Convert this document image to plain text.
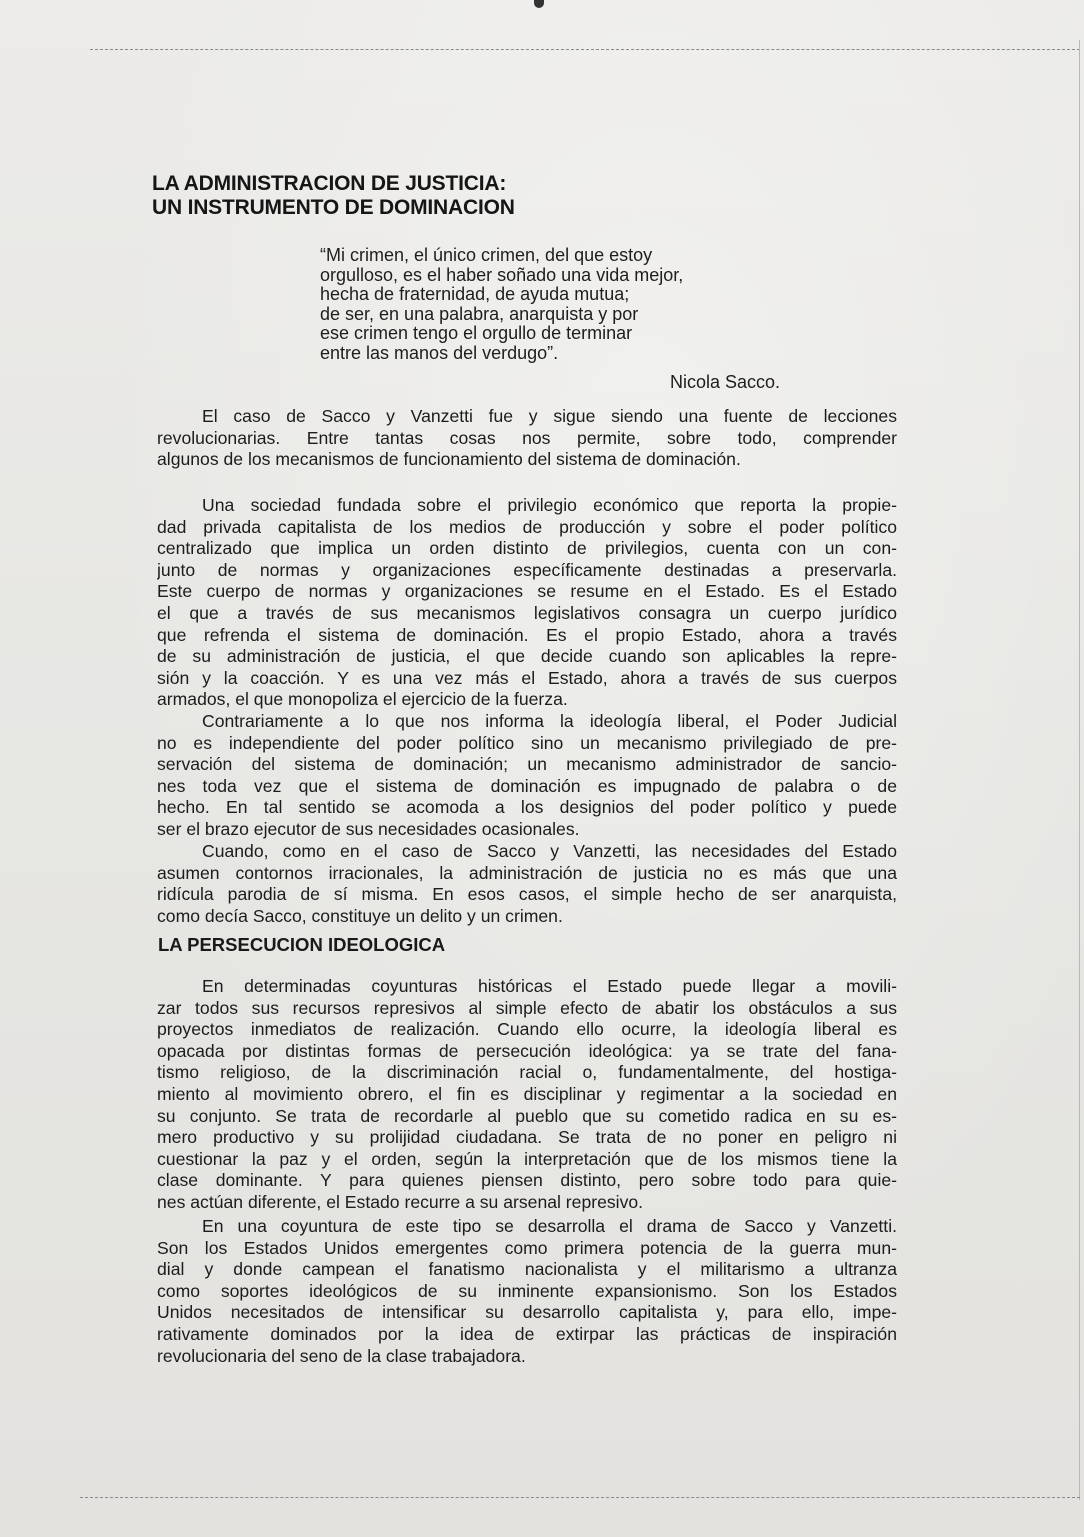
LA ADMINISTRACION DE JUSTICIA:
UN INSTRUMENTO DE DOMINACION
“Mi crimen, el único crimen, del que estoy
orgulloso, es el haber soñado una vida mejor,
hecha de fraternidad, de ayuda mutua;
de ser, en una palabra, anarquista y por
ese crimen tengo el orgullo de terminar
entre las manos del verdugo”.
Nicola Sacco.
El caso de Sacco y Vanzetti fue y sigue siendo una fuente de lecciones
revolucionarias. Entre tantas cosas nos permite, sobre todo, comprender
algunos de los mecanismos de funcionamiento del sistema de dominación.
Una sociedad fundada sobre el privilegio económico que reporta la propie-
dad privada capitalista de los medios de producción y sobre el poder político
centralizado que implica un orden distinto de privilegios, cuenta con un con-
junto de normas y organizaciones específicamente destinadas a preservarla.
Este cuerpo de normas y organizaciones se resume en el Estado. Es el Estado
el que a través de sus mecanismos legislativos consagra un cuerpo jurídico
que refrenda el sistema de dominación. Es el propio Estado, ahora a través
de su administración de justicia, el que decide cuando son aplicables la repre-
sión y la coacción. Y es una vez más el Estado, ahora a través de sus cuerpos
armados, el que monopoliza el ejercicio de la fuerza.
Contrariamente a lo que nos informa la ideología liberal, el Poder Judicial
no es independiente del poder político sino un mecanismo privilegiado de pre-
servación del sistema de dominación; un mecanismo administrador de sancio-
nes toda vez que el sistema de dominación es impugnado de palabra o de
hecho. En tal sentido se acomoda a los designios del poder político y puede
ser el brazo ejecutor de sus necesidades ocasionales.
Cuando, como en el caso de Sacco y Vanzetti, las necesidades del Estado
asumen contornos irracionales, la administración de justicia no es más que una
ridícula parodia de sí misma. En esos casos, el simple hecho de ser anarquista,
como decía Sacco, constituye un delito y un crimen.
LA PERSECUCION IDEOLOGICA
En determinadas coyunturas históricas el Estado puede llegar a movili-
zar todos sus recursos represivos al simple efecto de abatir los obstáculos a sus
proyectos inmediatos de realización. Cuando ello ocurre, la ideología liberal es
opacada por distintas formas de persecución ideológica: ya se trate del fana-
tismo religioso, de la discriminación racial o, fundamentalmente, del hostiga-
miento al movimiento obrero, el fin es disciplinar y regimentar a la sociedad en
su conjunto. Se trata de recordarle al pueblo que su cometido radica en su es-
mero productivo y su prolijidad ciudadana. Se trata de no poner en peligro ni
cuestionar la paz y el orden, según la interpretación que de los mismos tiene la
clase dominante. Y para quienes piensen distinto, pero sobre todo para quie-
nes actúan diferente, el Estado recurre a su arsenal represivo.
En una coyuntura de este tipo se desarrolla el drama de Sacco y Vanzetti.
Son los Estados Unidos emergentes como primera potencia de la guerra mun-
dial y donde campean el fanatismo nacionalista y el militarismo a ultranza
como soportes ideológicos de su inminente expansionismo. Son los Estados
Unidos necesitados de intensificar su desarrollo capitalista y, para ello, impe-
rativamente dominados por la idea de extirpar las prácticas de inspiración
revolucionaria del seno de la clase trabajadora.
